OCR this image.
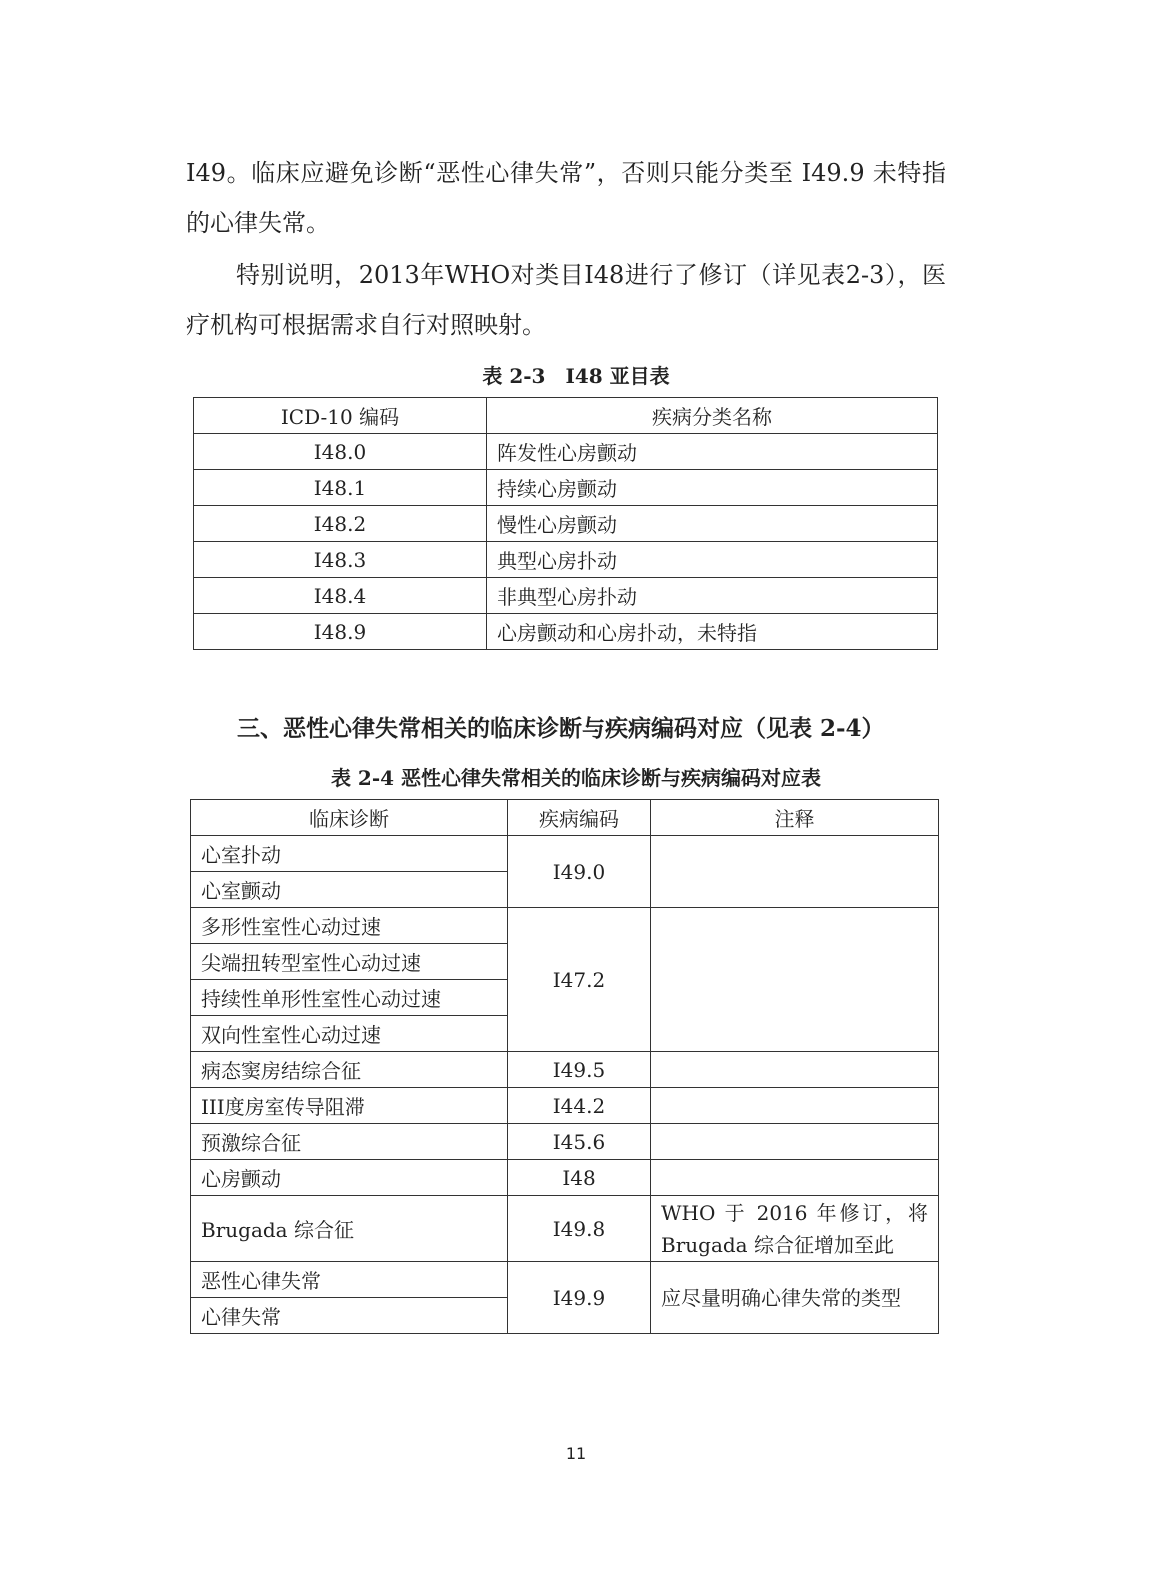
I49。临床应避免诊断“恶性心律失常”，否则只能分类至 I49.9 未特指的心律失常。

特别说明，2013年WHO对类目I48进行了修订（详见表2-3），医疗机构可根据需求自行对照映射。

表 2-3　I48 亚目表
ICD-10 编码	疾病分类名称
I48.0	阵发性心房颤动
I48.1	持续心房颤动
I48.2	慢性心房颤动
I48.3	典型心房扑动
I48.4	非典型心房扑动
I48.9	心房颤动和心房扑动，未特指
三、恶性心律失常相关的临床诊断与疾病编码对应（见表 2-4）
表 2-4 恶性心律失常相关的临床诊断与疾病编码对应表
临床诊断	疾病编码	注释
心室扑动	I49.0	
心室颤动		
多形性室性心动过速	I47.2	
尖端扭转型室性心动过速		
持续性单形性室性心动过速		
双向性室性心动过速		
病态窦房结综合征	I49.5	
III度房室传导阻滞	I44.2	
预激综合征	I45.6	
心房颤动	I48	
Brugada 综合征	I49.8	WHO 于 2016 年修订，将 Brugada 综合征增加至此
恶性心律失常	I49.9	应尽量明确心律失常的类型
心律失常		
11
